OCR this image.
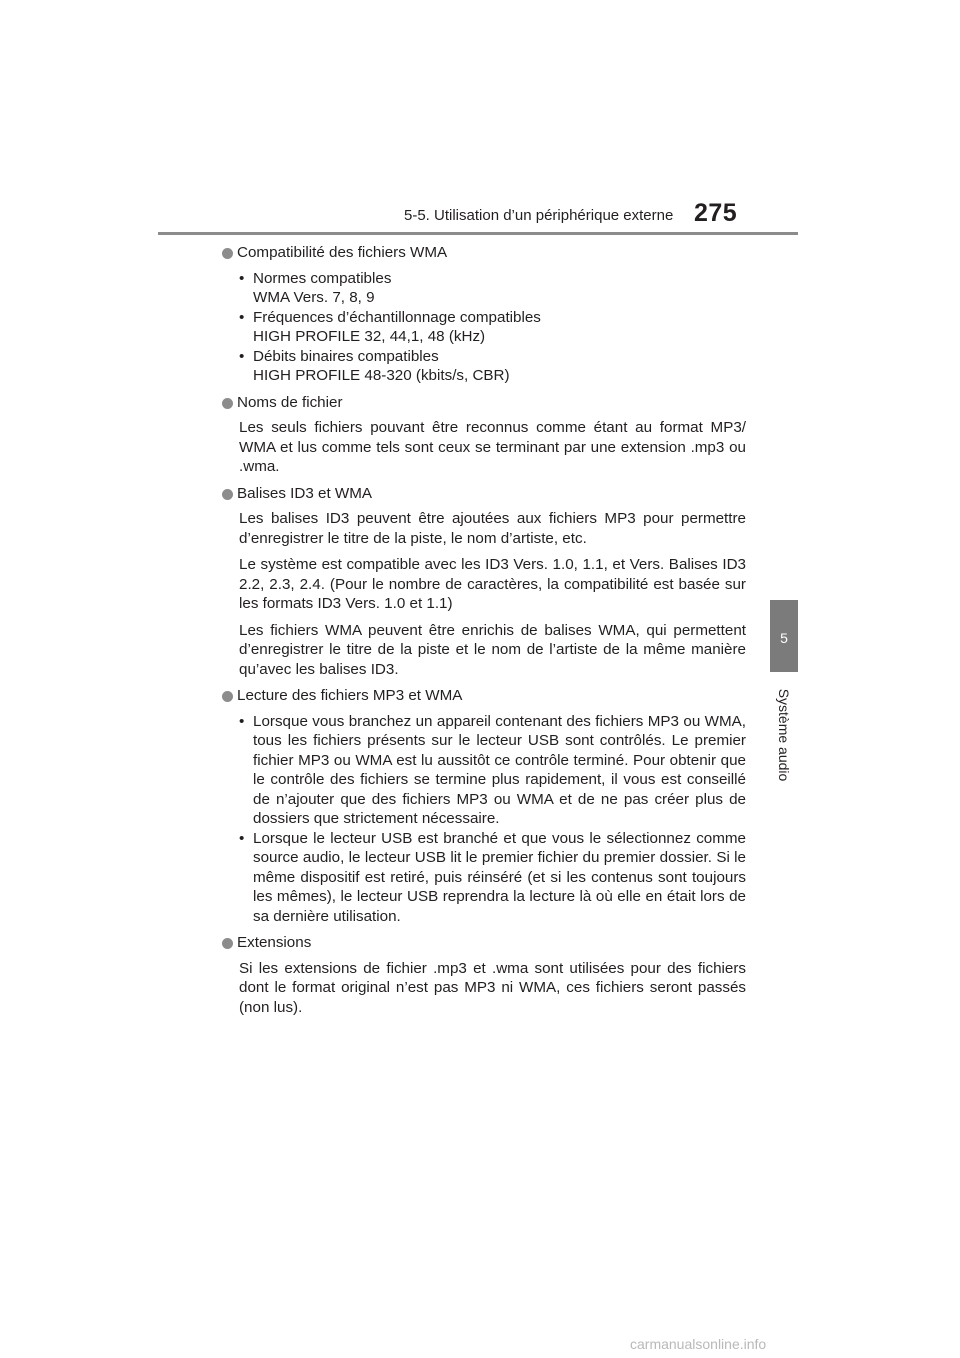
5-5. Utilisation d’un périphérique externe 275
5
Système audio
Compatibilité des fichiers WMA
• Normes compatibles
WMA Vers. 7, 8, 9
• Fréquences d’échantillonnage compatibles
HIGH PROFILE 32, 44,1, 48 (kHz)
• Débits binaires compatibles
HIGH PROFILE 48-320 (kbits/s, CBR)
Noms de fichier
Les seuls fichiers pouvant être reconnus comme étant au format MP3/ WMA et lus comme tels sont ceux se terminant par une extension .mp3 ou .wma.
Balises ID3 et WMA
Les balises ID3 peuvent être ajoutées aux fichiers MP3 pour permettre d’enregistrer le titre de la piste, le nom d’artiste, etc.
Le système est compatible avec les ID3 Vers. 1.0, 1.1, et Vers. Balises ID3 2.2, 2.3, 2.4. (Pour le nombre de caractères, la compatibilité est basée sur les formats ID3 Vers. 1.0 et 1.1)
Les fichiers WMA peuvent être enrichis de balises WMA, qui permettent d’enregistrer le titre de la piste et le nom de l’artiste de la même manière qu’avec les balises ID3.
Lecture des fichiers MP3 et WMA
• Lorsque vous branchez un appareil contenant des fichiers MP3 ou WMA, tous les fichiers présents sur le lecteur USB sont contrôlés. Le premier fichier MP3 ou WMA est lu aussitôt ce contrôle terminé. Pour obtenir que le contrôle des fichiers se termine plus rapidement, il vous est conseillé de n’ajouter que des fichiers MP3 ou WMA et de ne pas créer plus de dossiers que strictement nécessaire.
• Lorsque le lecteur USB est branché et que vous le sélectionnez comme source audio, le lecteur USB lit le premier fichier du premier dossier. Si le même dispositif est retiré, puis réinséré (et si les contenus sont toujours les mêmes), le lecteur USB reprendra la lecture là où elle en était lors de sa dernière utilisation.
Extensions
Si les extensions de fichier .mp3 et .wma sont utilisées pour des fichiers dont le format original n’est pas MP3 ni WMA, ces fichiers seront passés (non lus).
carmanualsonline.info
